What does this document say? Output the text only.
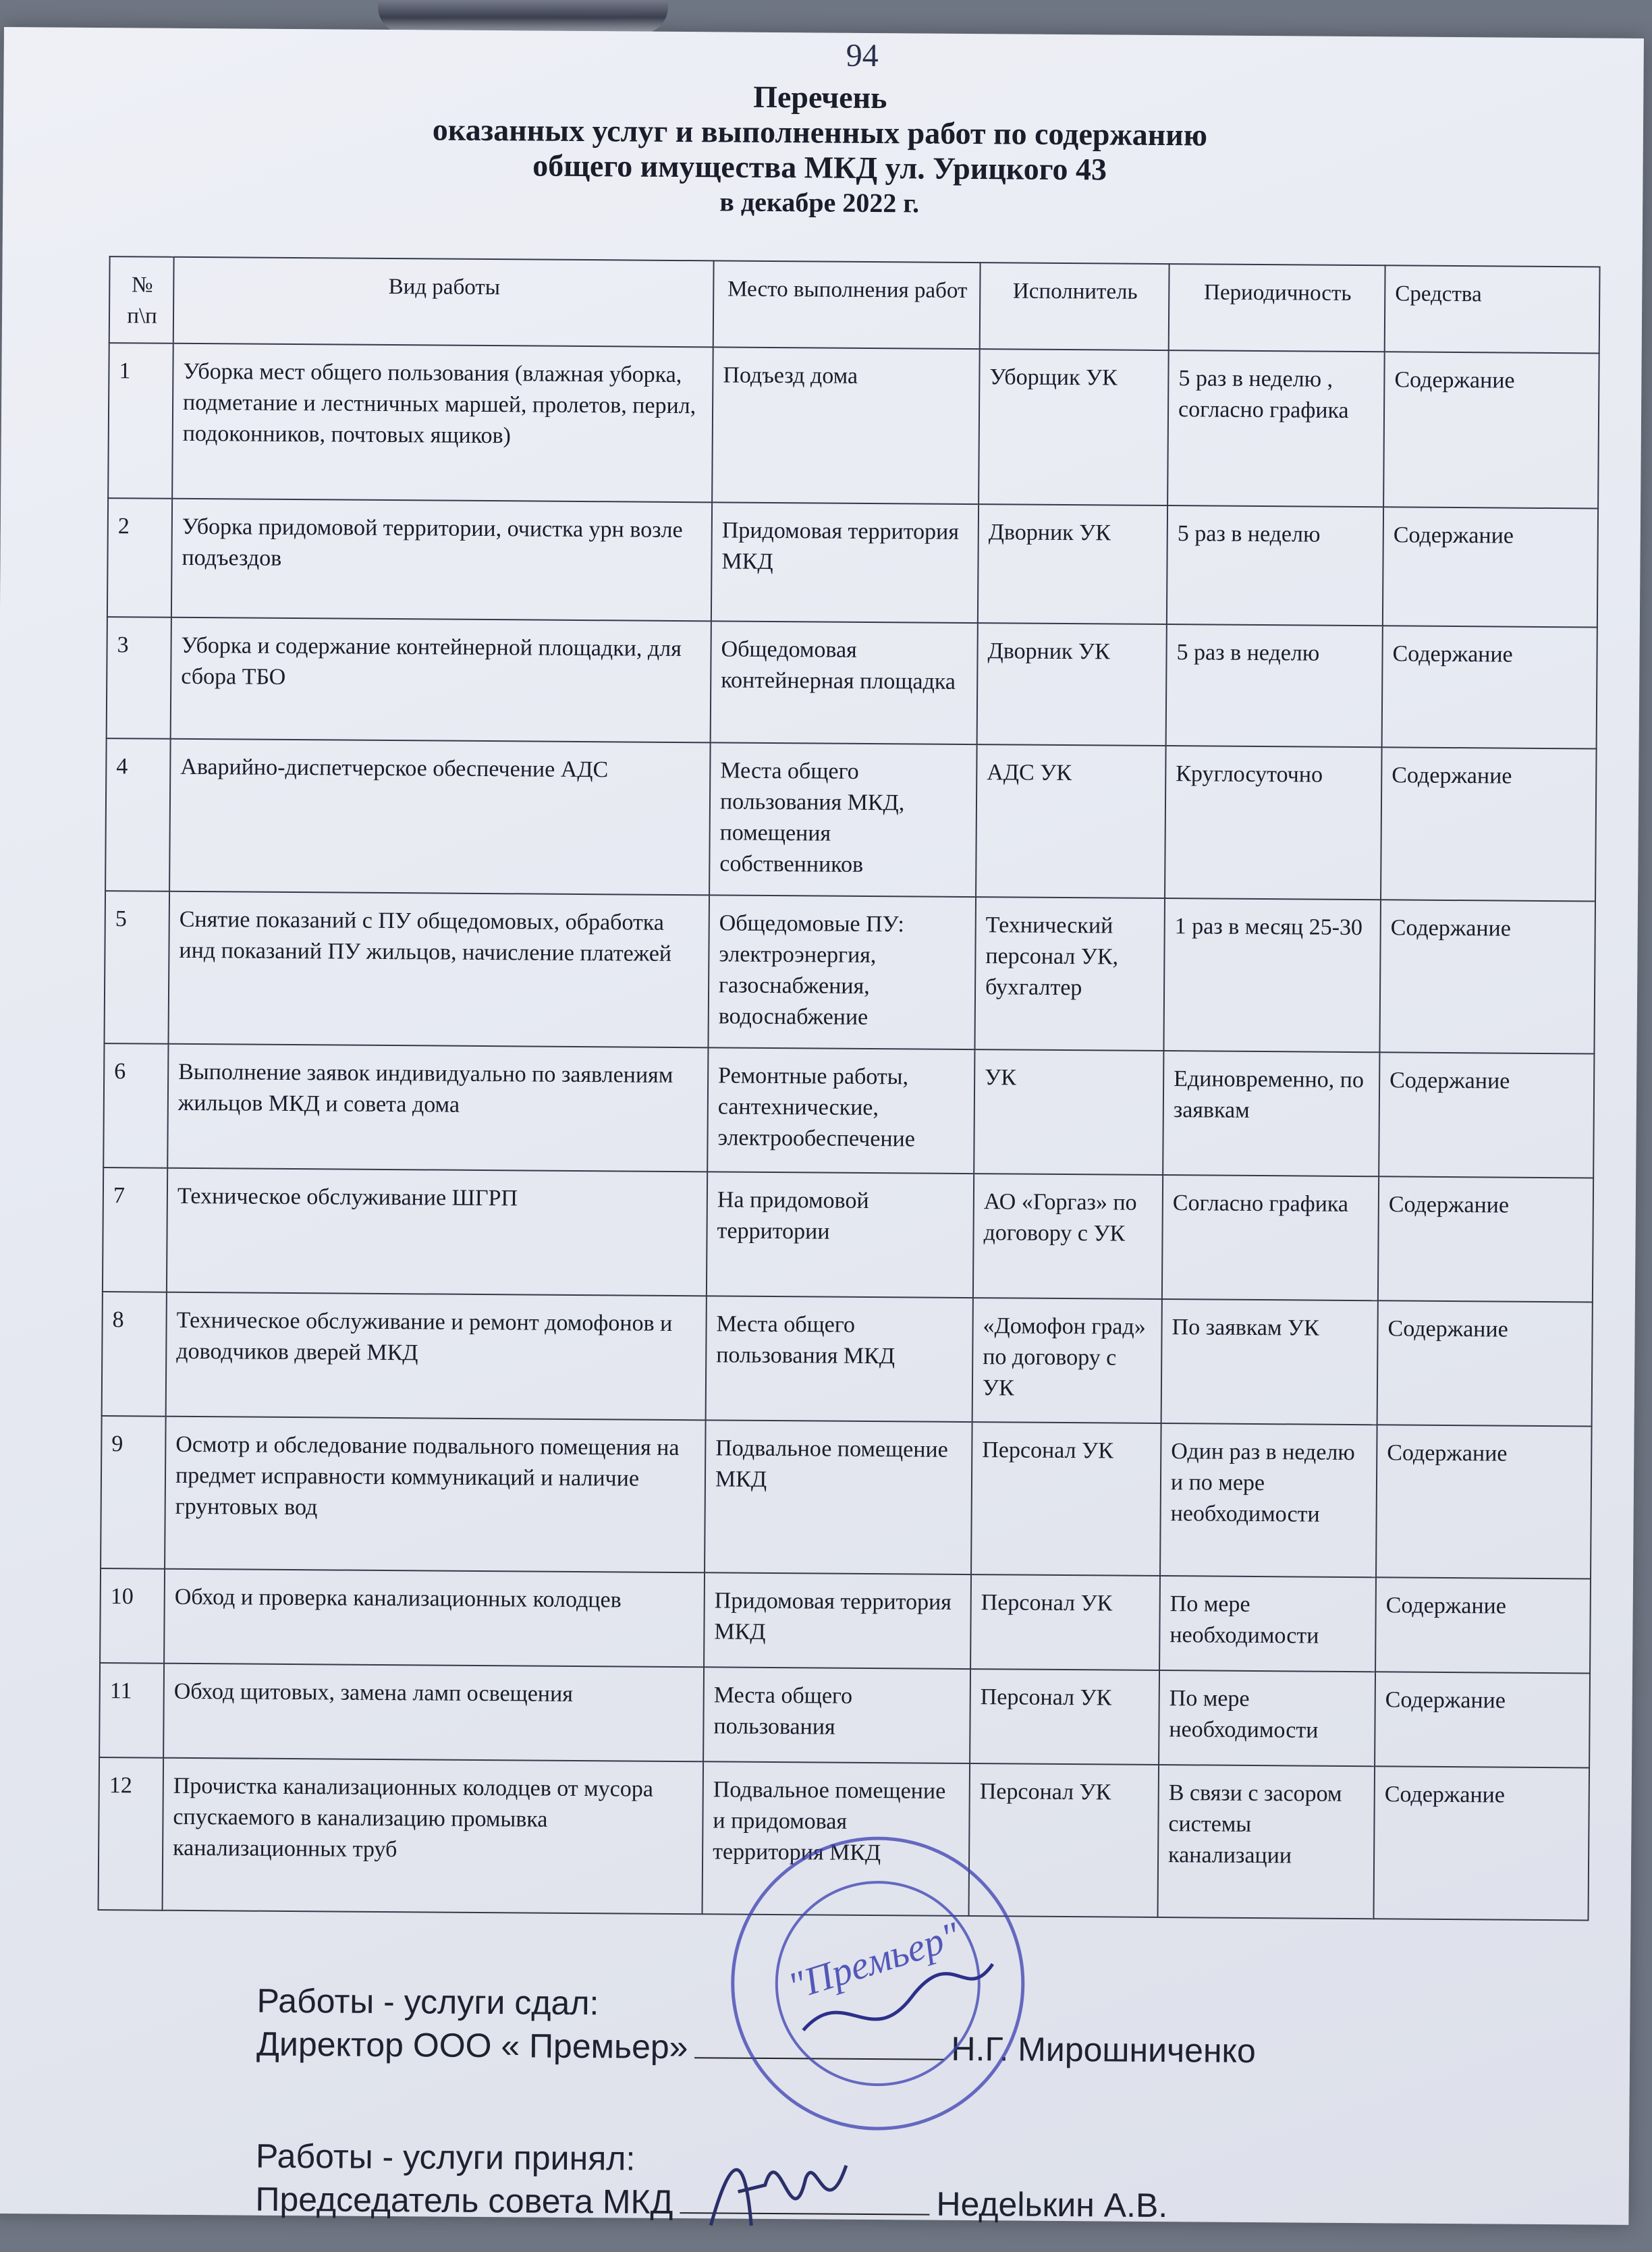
94
Перечень
оказанных услуг и выполненных работ по содержанию
общего имущества МКД ул. Урицкого 43
в декабре 2022 г.
№ п\п	Вид работы	Место выполнения работ	Исполнитель	Периодичность	Средства
1	Уборка мест общего пользования (влажная уборка, подметание и лестничных маршей, пролетов, перил, подоконников, почтовых ящиков)	Подъезд дома	Уборщик УК	5 раз в неделю , согласно графика	Содержание
2	Уборка придомовой территории, очистка урн возле подъездов	Придомовая территория МКД	Дворник УК	5 раз в неделю	Содержание
3	Уборка и содержание контейнерной площадки, для сбора ТБО	Общедомовая контейнерная площадка	Дворник УК	5 раз в неделю	Содержание
4	Аварийно-диспетчерское обеспечение АДС	Места общего пользования МКД, помещения собственников	АДС УК	Круглосуточно	Содержание
5	Снятие показаний с ПУ общедомовых, обработка инд показаний ПУ жильцов, начисление платежей	Общедомовые ПУ: электроэнергия, газоснабжения, водоснабжение	Технический персонал УК, бухгалтер	1 раз в месяц 25-30	Содержание
6	Выполнение заявок индивидуально по заявлениям жильцов МКД и совета дома	Ремонтные работы, сантехнические, электрообеспечение	УК	Единовременно, по заявкам	Содержание
7	Техническое обслуживание ШГРП	На придомовой территории	АО «Горгаз» по договору с УК	Согласно графика	Содержание
8	Техническое обслуживание и ремонт домофонов и доводчиков дверей МКД	Места общего пользования МКД	«Домофон град» по договору с УК	По заявкам УК	Содержание
9	Осмотр и обследование подвального помещения на предмет исправности коммуникаций и наличие грунтовых вод	Подвальное помещение МКД	Персонал УК	Один раз в неделю и по мере необходимости	Содержание
10	Обход и проверка канализационных колодцев	Придомовая территория МКД	Персонал УК	По мере необходимости	Содержание
11	Обход щитовых, замена ламп освещения	Места общего пользования	Персонал УК	По мере необходимости	Содержание
12	Прочистка канализационных колодцев от мусора спускаемого в канализацию промывка канализационных труб	Подвальное помещение и придомовая территория МКД	Персонал УК	В связи с засором системы канализации	Содержание
Работы - услуги сдал:
Директор ООО « Премьер»	Н.Г. Мирошниченко
Работы - услуги принял:
Председатель совета МКД	Недelькин А.В.
"Премьер"
